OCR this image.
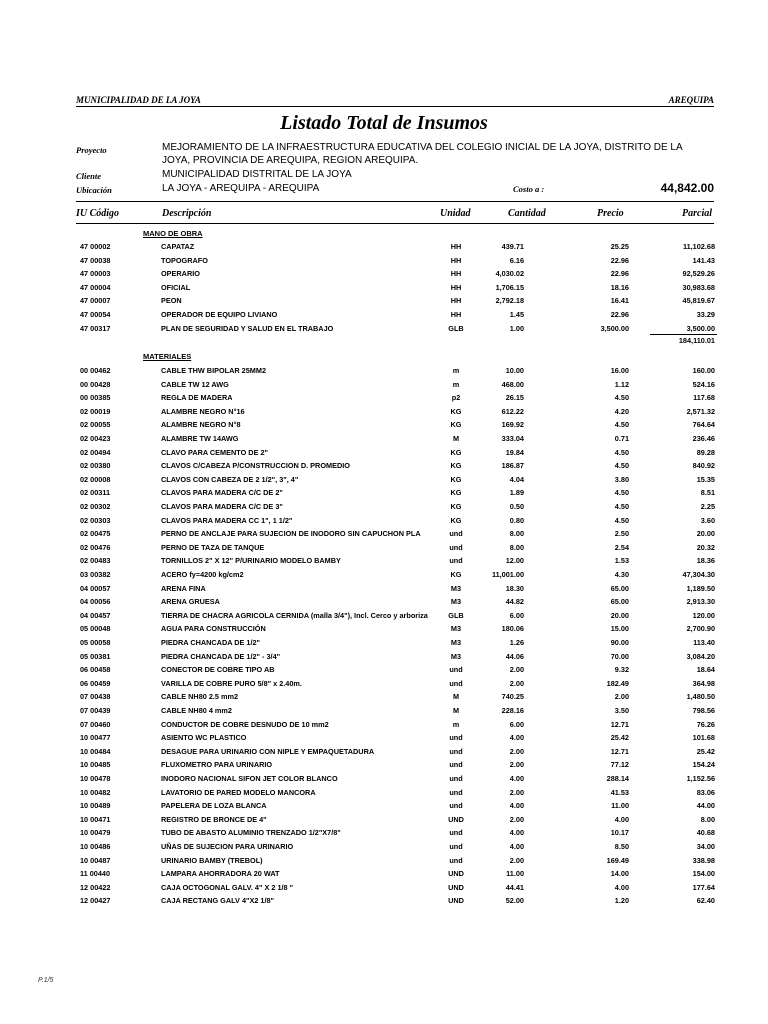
MUNICIPALIDAD DE LA JOYA	AREQUIPA
Listado Total de Insumos
Proyecto	MEJORAMIENTO DE LA INFRAESTRUCTURA EDUCATIVA DEL COLEGIO INICIAL DE LA JOYA, DISTRITO DE LA
JOYA, PROVINCIA DE AREQUIPA, REGION AREQUIPA.
Cliente	MUNICIPALIDAD DISTRITAL DE LA JOYA
Ubicación	LA JOYA - AREQUIPA - AREQUIPA	Costo a :	44,842.00
IU Código	Descripción	Unidad	Cantidad	Precio	Parcial
MANO DE OBRA
47 00002	CAPATAZ	HH	439.71	25.25	11,102.68
47 00038	TOPOGRAFO	HH	6.16	22.96	141.43
47 00003	OPERARIO	HH	4,030.02	22.96	92,529.26
47 00004	OFICIAL	HH	1,706.15	18.16	30,983.68
47 00007	PEON	HH	2,792.18	16.41	45,819.67
47 00054	OPERADOR DE EQUIPO LIVIANO	HH	1.45	22.96	33.29
47 00317	PLAN DE SEGURIDAD Y SALUD EN EL TRABAJO	GLB	1.00	3,500.00	3,500.00
184,110.01
MATERIALES
00 00462	CABLE THW BIPOLAR 25MM2	m	10.00	16.00	160.00
00 00428	CABLE TW 12 AWG	m	468.00	1.12	524.16
00 00385	REGLA DE MADERA	p2	26.15	4.50	117.68
02 00019	ALAMBRE NEGRO N°16	KG	612.22	4.20	2,571.32
02 00055	ALAMBRE NEGRO N°8	KG	169.92	4.50	764.64
02 00423	ALAMBRE TW 14AWG	M	333.04	0.71	236.46
02 00494	CLAVO PARA CEMENTO DE 2"	KG	19.84	4.50	89.28
02 00380	CLAVOS C/CABEZA P/CONSTRUCCION D. PROMEDIO	KG	186.87	4.50	840.92
02 00008	CLAVOS CON CABEZA DE 2 1/2", 3", 4"	KG	4.04	3.80	15.35
02 00311	CLAVOS PARA MADERA C/C DE 2"	KG	1.89	4.50	8.51
02 00302	CLAVOS PARA MADERA C/C DE 3"	KG	0.50	4.50	2.25
02 00303	CLAVOS PARA MADERA CC 1", 1 1/2"	KG	0.80	4.50	3.60
02 00475	PERNO DE ANCLAJE PARA SUJECION DE INODORO SIN CAPUCHON PLA	und	8.00	2.50	20.00
02 00476	PERNO DE TAZA DE TANQUE	und	8.00	2.54	20.32
02 00483	TORNILLOS 2" X 12" P/URINARIO MODELO BAMBY	und	12.00	1.53	18.36
03 00382	ACERO fy=4200 kg/cm2	KG	11,001.00	4.30	47,304.30
04 00057	ARENA FINA	M3	18.30	65.00	1,189.50
04 00056	ARENA GRUESA	M3	44.82	65.00	2,913.30
04 00457	TIERRA DE CHACRA AGRICOLA CERNIDA (malla 3/4"), Incl. Cerco y arboriza	GLB	6.00	20.00	120.00
05 00048	AGUA PARA CONSTRUCCIÓN	M3	180.06	15.00	2,700.90
05 00058	PIEDRA CHANCADA DE 1/2"	M3	1.26	90.00	113.40
05 00381	PIEDRA CHANCADA DE 1/2" - 3/4"	M3	44.06	70.00	3,084.20
06 00458	CONECTOR DE COBRE TIPO AB	und	2.00	9.32	18.64
06 00459	VARILLA DE COBRE PURO 5/8" x 2.40m.	und	2.00	182.49	364.98
07 00438	CABLE NH80 2.5 mm2	M	740.25	2.00	1,480.50
07 00439	CABLE NH80 4 mm2	M	228.16	3.50	798.56
07 00460	CONDUCTOR DE COBRE DESNUDO DE 10 mm2	m	6.00	12.71	76.26
10 00477	ASIENTO WC PLASTICO	und	4.00	25.42	101.68
10 00484	DESAGUE PARA URINARIO CON NIPLE Y EMPAQUETADURA	und	2.00	12.71	25.42
10 00485	FLUXOMETRO PARA URINARIO	und	2.00	77.12	154.24
10 00478	INODORO NACIONAL SIFON JET COLOR BLANCO	und	4.00	288.14	1,152.56
10 00482	LAVATORIO DE PARED MODELO MANCORA	und	2.00	41.53	83.06
10 00489	PAPELERA DE LOZA BLANCA	und	4.00	11.00	44.00
10 00471	REGISTRO DE BRONCE DE 4"	UND	2.00	4.00	8.00
10 00479	TUBO DE ABASTO ALUMINIO TRENZADO 1/2"X7/8"	und	4.00	10.17	40.68
10 00486	UÑAS DE SUJECION PARA URINARIO	und	4.00	8.50	34.00
10 00487	URINARIO BAMBY (TREBOL)	und	2.00	169.49	338.98
11 00440	LAMPARA AHORRADORA 20 WAT	UND	11.00	14.00	154.00
12 00422	CAJA OCTOGONAL GALV. 4" X 2 1/8 "	UND	44.41	4.00	177.64
12 00427	CAJA RECTANG GALV 4"X2 1/8"	UND	52.00	1.20	62.40
P.1/5
